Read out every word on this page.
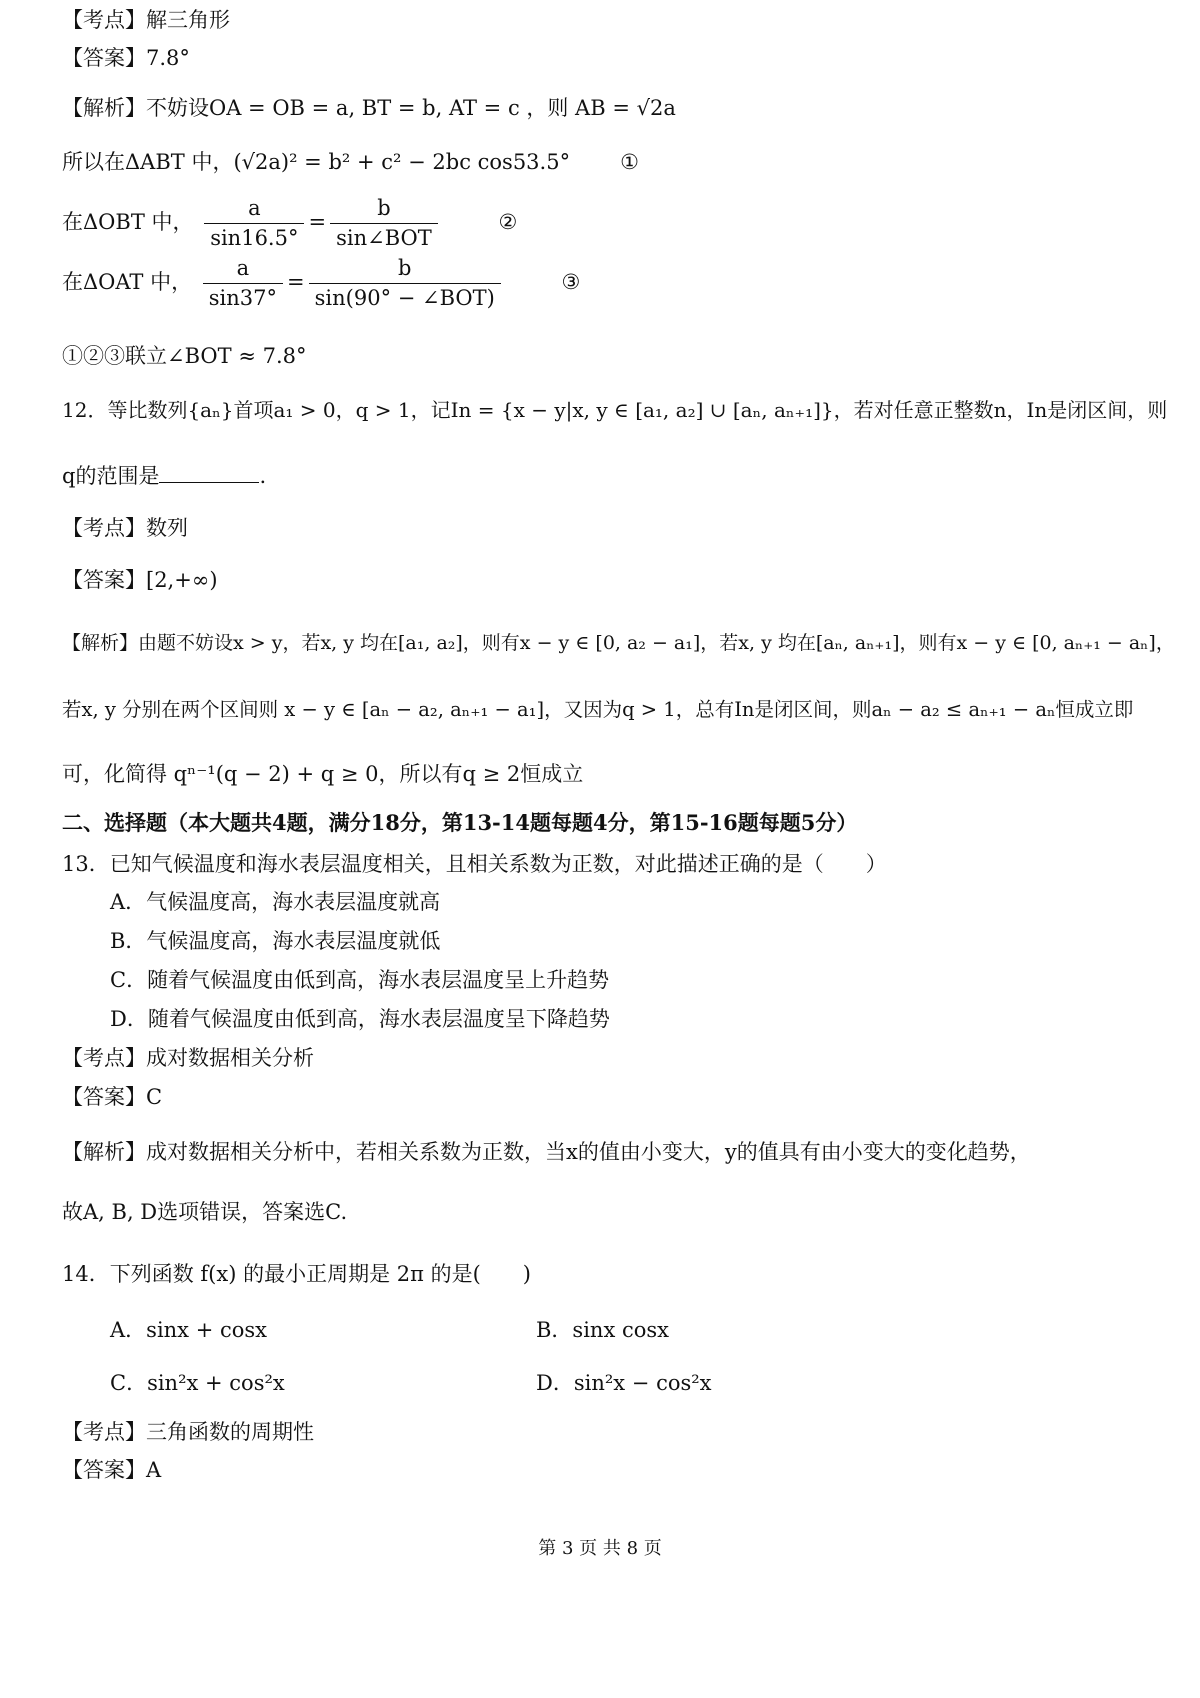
【考点】解三角形
【答案】7.8°
【解析】不妨设OA = OB = a, BT = b, AT = c ，则 AB = √2a
所以在ΔABT 中，(√2a)² = b² + c² − 2bc cos53.5° ①
在ΔOBT 中， $\frac{a}{\sin 16.5^\circ} = \frac{b}{\text{sin∠BOT}}$	②
在ΔOAT 中， $\frac{a}{\sin 37^\circ} = \frac{b}{\text{sin(90° − ∠BOT)}}$	③
①②③联立∠BOT ≈ 7.8°
12．等比数列{aₙ}首项a₁ > 0，q > 1，记In = {x − y|x, y ∈ [a₁, a₂] ∪ [aₙ, aₙ₊₁]}，若对任意正整数n，In是闭区间，则
q的范围是	.
【考点】数列
【答案】[2,+∞)
【解析】由题不妨设x > y，若x, y 均在[a₁, a₂]，则有x − y ∈ [0, a₂ − a₁]，若x, y 均在[aₙ, aₙ₊₁]，则有x − y ∈ [0, aₙ₊₁ − aₙ]，
若x, y 分别在两个区间则 x − y ∈ [aₙ − a₂, aₙ₊₁ − a₁]，又因为q > 1，总有In是闭区间，则aₙ − a₂ ≤ aₙ₊₁ − aₙ恒成立即
可，化简得 qⁿ⁻¹(q − 2) + q ≥ 0，所以有q ≥ 2恒成立
二、选择题（本大题共4题，满分18分，第13-14题每题4分，第15-16题每题5分）
13．已知气候温度和海水表层温度相关，且相关系数为正数，对此描述正确的是（　　）
A．气候温度高，海水表层温度就高
B．气候温度高，海水表层温度就低
C．随着气候温度由低到高，海水表层温度呈上升趋势
D．随着气候温度由低到高，海水表层温度呈下降趋势
【考点】成对数据相关分析
【答案】C
【解析】成对数据相关分析中，若相关系数为正数，当x的值由小变大，y的值具有由小变大的变化趋势，
故A, B, D选项错误，答案选C.
14．下列函数 f(x) 的最小正周期是 2π 的是(　　)
A．sinx + cosx	B．sinx cosx
C．sin²x + cos²x	D．sin²x − cos²x
【考点】三角函数的周期性
【答案】A
第 3 页 共 8 页
